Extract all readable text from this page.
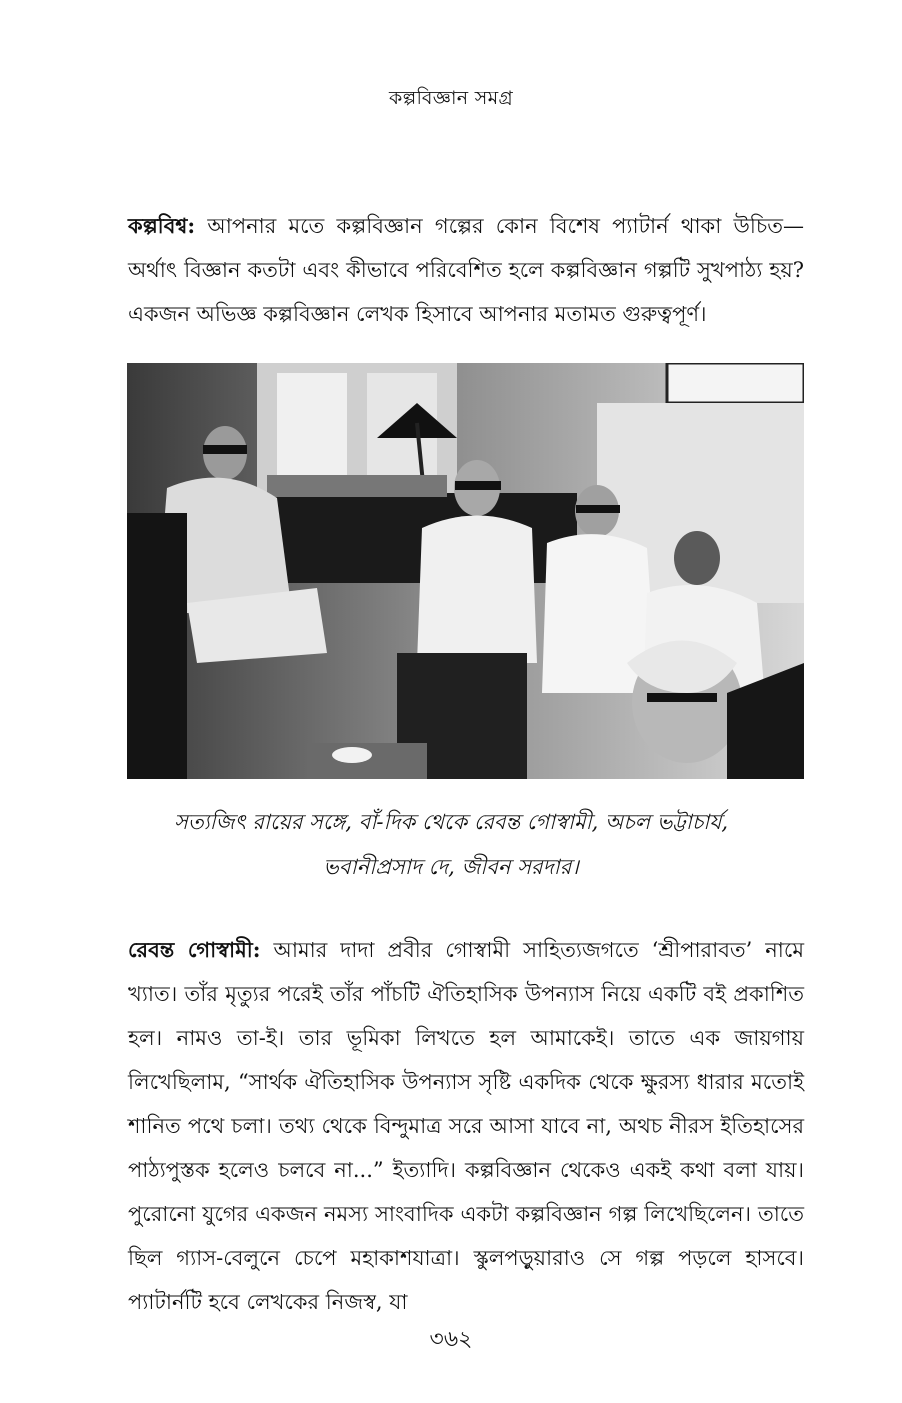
কল্পবিজ্ঞান সমগ্র

কল্পবিশ্ব: আপনার মতে কল্পবিজ্ঞান গল্পের কোন বিশেষ প্যাটার্ন থাকা উচিত— অর্থাৎ বিজ্ঞান কতটা এবং কীভাবে পরিবেশিত হলে কল্পবিজ্ঞান গল্পটি সুখপাঠ্য হয়? একজন অভিজ্ঞ কল্পবিজ্ঞান লেখক হিসাবে আপনার মতামত গুরুত্বপূর্ণ।

সত্যজিৎ রায়ের সঙ্গে, বাঁ-দিক থেকে রেবন্ত গোস্বামী, অচল ভট্টাচার্য,
ভবানীপ্রসাদ দে, জীবন সরদার।

রেবন্ত গোস্বামী: আমার দাদা প্রবীর গোস্বামী সাহিত্যজগতে ‘শ্রীপারাবত’ নামে খ্যাত। তাঁর মৃত্যুর পরেই তাঁর পাঁচটি ঐতিহাসিক উপন্যাস নিয়ে একটি বই প্রকাশিত হল। নামও তা-ই। তার ভূমিকা লিখতে হল আমাকেই। তাতে এক জায়গায় লিখেছিলাম, “সার্থক ঐতিহাসিক উপন্যাস সৃষ্টি একদিক থেকে ক্ষুরস্য ধারার মতোই শানিত পথে চলা। তথ্য থেকে বিন্দুমাত্র সরে আসা যাবে না, অথচ নীরস ইতিহাসের পাঠ্যপুস্তক হলেও চলবে না...” ইত্যাদি। কল্পবিজ্ঞান থেকেও একই কথা বলা যায়। পুরোনো যুগের একজন নমস্য সাংবাদিক একটা কল্পবিজ্ঞান গল্প লিখেছিলেন। তাতে ছিল গ্যাস-বেলুনে চেপে মহাকাশযাত্রা। স্কুলপড়ুয়ারাও সে গল্প পড়লে হাসবে। প্যাটার্নটি হবে লেখকের নিজস্ব, যা

৩৬২
